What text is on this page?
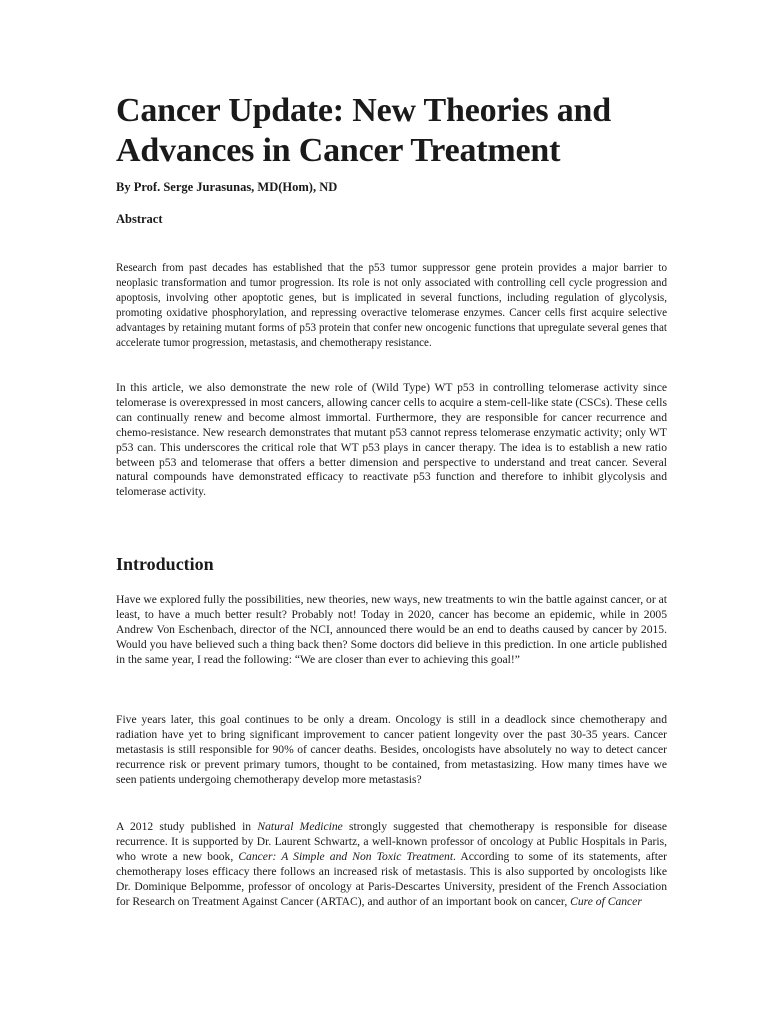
Cancer Update: New Theories and Advances in Cancer Treatment

By Prof. Serge Jurasunas, MD(Hom), ND

Abstract

Research from past decades has established that the p53 tumor suppressor gene protein provides a major barrier to neoplasic transformation and tumor progression. Its role is not only associated with controlling cell cycle progression and apoptosis, involving other apoptotic genes, but is implicated in several functions, including regulation of glycolysis, promoting oxidative phosphorylation, and repressing overactive telomerase enzymes. Cancer cells first acquire selective advantages by retaining mutant forms of p53 protein that confer new oncogenic functions that upregulate several genes that accelerate tumor progression, metastasis, and chemotherapy resistance.

In this article, we also demonstrate the new role of (Wild Type) WT p53 in controlling telomerase activity since telomerase is overexpressed in most cancers, allowing cancer cells to acquire a stem-cell-like state (CSCs). These cells can continually renew and become almost immortal. Furthermore, they are responsible for cancer recurrence and chemo-resistance. New research demonstrates that mutant p53 cannot repress telomerase enzymatic activity; only WT p53 can. This underscores the critical role that WT p53 plays in cancer therapy. The idea is to establish a new ratio between p53 and telomerase that offers a better dimension and perspective to understand and treat cancer. Several natural compounds have demonstrated efficacy to reactivate p53 function and therefore to inhibit glycolysis and telomerase activity.

Introduction

Have we explored fully the possibilities, new theories, new ways, new treatments to win the battle against cancer, or at least, to have a much better result? Probably not! Today in 2020, cancer has become an epidemic, while in 2005 Andrew Von Eschenbach, director of the NCI, announced there would be an end to deaths caused by cancer by 2015. Would you have believed such a thing back then? Some doctors did believe in this prediction. In one article published in the same year, I read the following: “We are closer than ever to achieving this goal!”

Five years later, this goal continues to be only a dream. Oncology is still in a deadlock since chemotherapy and radiation have yet to bring significant improvement to cancer patient longevity over the past 30-35 years. Cancer metastasis is still responsible for 90% of cancer deaths. Besides, oncologists have absolutely no way to detect cancer recurrence risk or prevent primary tumors, thought to be contained, from metastasizing. How many times have we seen patients undergoing chemotherapy develop more metastasis?

A 2012 study published in Natural Medicine strongly suggested that chemotherapy is responsible for disease recurrence. It is supported by Dr. Laurent Schwartz, a well-known professor of oncology at Public Hospitals in Paris, who wrote a new book, Cancer: A Simple and Non Toxic Treatment. According to some of its statements, after chemotherapy loses efficacy there follows an increased risk of metastasis. This is also supported by oncologists like Dr. Dominique Belpomme, professor of oncology at Paris-Descartes University, president of the French Association for Research on Treatment Against Cancer (ARTAC), and author of an important book on cancer, Cure of Cancer
